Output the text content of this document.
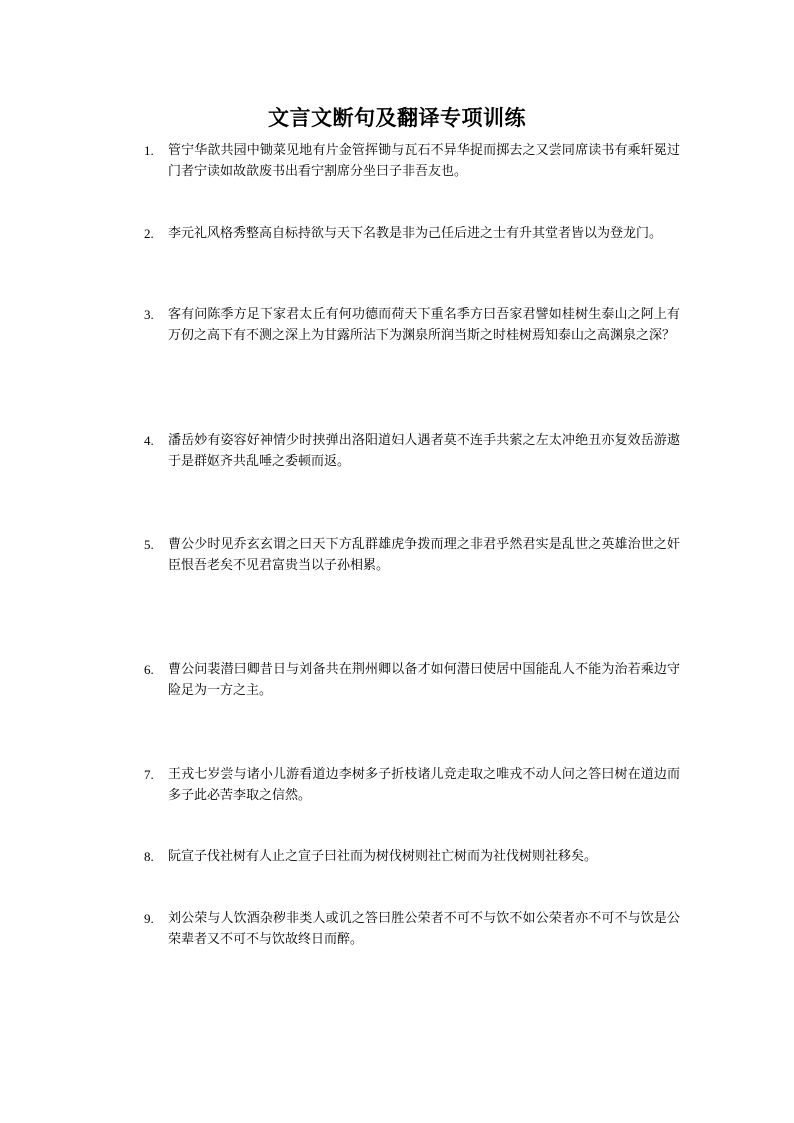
文言文断句及翻译专项训练
1.	管宁华歆共园中锄菜见地有片金管挥锄与瓦石不异华捉而掷去之又尝同席读书有乘轩冕过门者宁读如故歆废书出看宁割席分坐曰子非吾友也。
2.	李元礼风格秀整高自标持欲与天下名教是非为己任后进之士有升其堂者皆以为登龙门。
3.	客有问陈季方足下家君太丘有何功德而荷天下重名季方曰吾家君譬如桂树生泰山之阿上有万仞之高下有不测之深上为甘露所沾下为渊泉所润当斯之时桂树焉知泰山之高渊泉之深？
4.	潘岳妙有姿容好神情少时挟弹出洛阳道妇人遇者莫不连手共萦之左太冲绝丑亦复效岳游遨于是群妪齐共乱唾之委顿而返。
5.	曹公少时见乔玄玄谓之曰天下方乱群雄虎争拨而理之非君乎然君实是乱世之英雄治世之奸臣恨吾老矣不见君富贵当以子孙相累。
6.	曹公问裴潜曰卿昔日与刘备共在荆州卿以备才如何潜曰使居中国能乱人不能为治若乘边守险足为一方之主。
7.	王戎七岁尝与诸小儿游看道边李树多子折枝诸儿竞走取之唯戎不动人问之答曰树在道边而多子此必苦李取之信然。
8.	阮宣子伐社树有人止之宣子曰社而为树伐树则社亡树而为社伐树则社移矣。
9.	刘公荣与人饮酒杂秽非类人或讥之答曰胜公荣者不可不与饮不如公荣者亦不可不与饮是公荣辈者又不可不与饮故终日而醉。
